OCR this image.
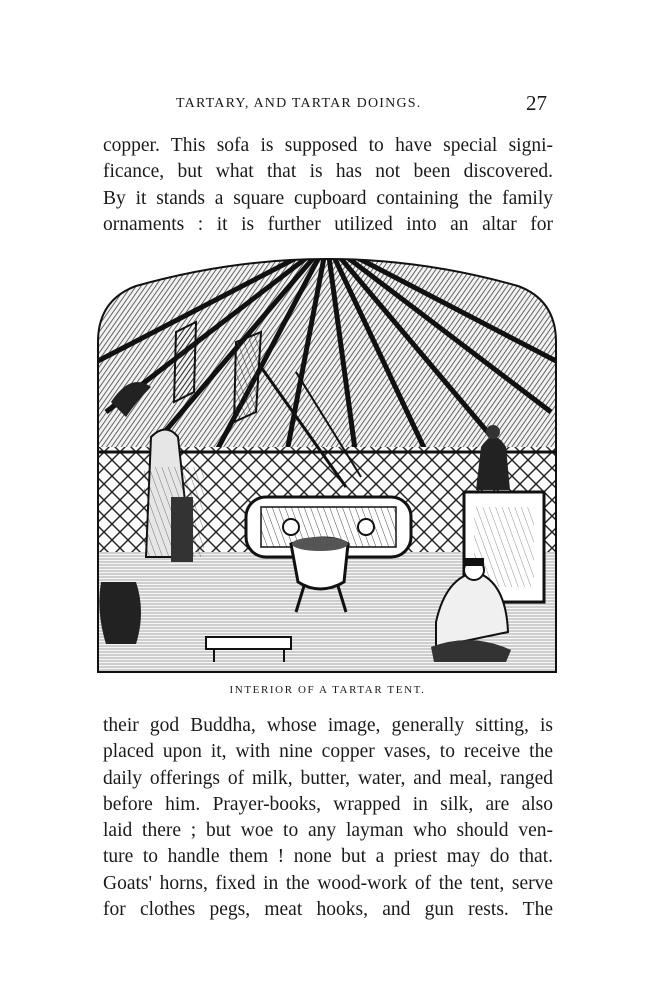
TARTARY, AND TARTAR DOINGS.	27
copper. This sofa is supposed to have special signi-
ficance, but what that is has not been discovered.
By it stands a square cupboard containing the family
ornaments : it is further utilized into an altar for
INTERIOR OF A TARTAR TENT.
their god Buddha, whose image, generally sitting, is
placed upon it, with nine copper vases, to receive the
daily offerings of milk, butter, water, and meal, ranged
before him. Prayer-books, wrapped in silk, are also
laid there ; but woe to any layman who should ven-
ture to handle them ! none but a priest may do that.
Goats' horns, fixed in the wood-work of the tent, serve
for clothes pegs, meat hooks, and gun rests. The
